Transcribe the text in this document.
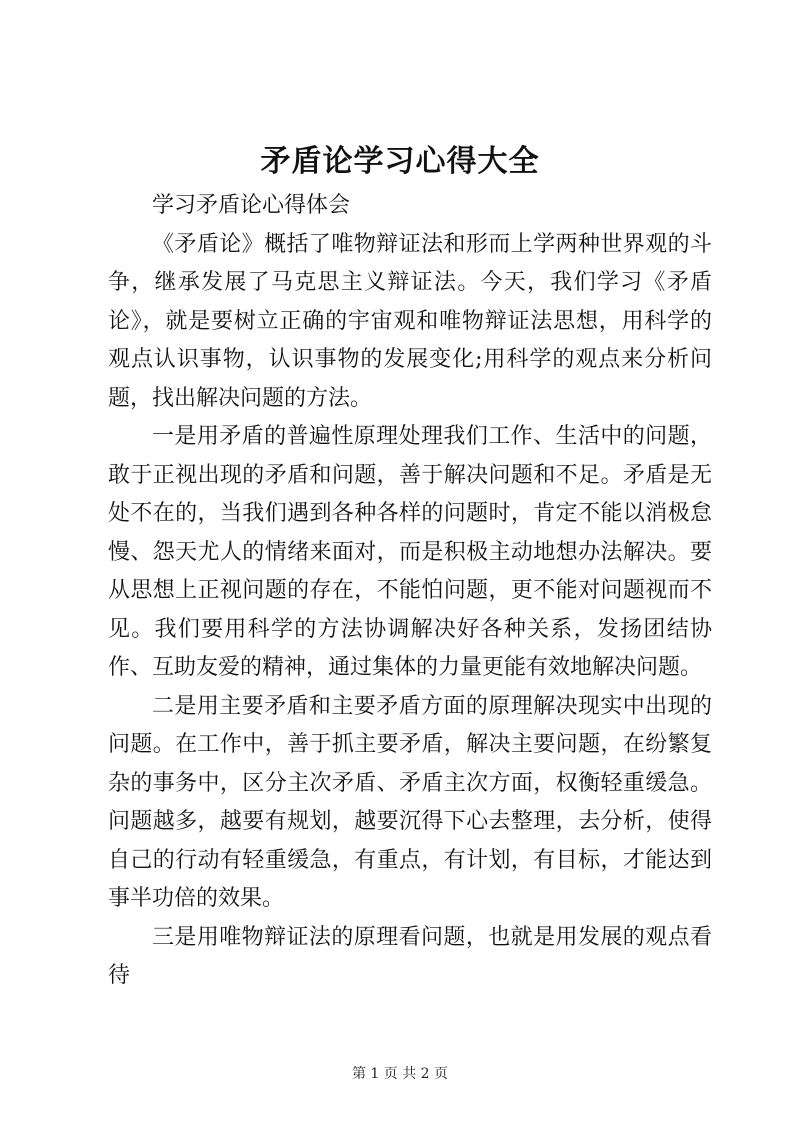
矛盾论学习心得大全

学习矛盾论心得体会

《矛盾论》概括了唯物辩证法和形而上学两种世界观的斗争，继承发展了马克思主义辩证法。今天，我们学习《矛盾论》，就是要树立正确的宇宙观和唯物辩证法思想，用科学的观点认识事物，认识事物的发展变化;用科学的观点来分析问题，找出解决问题的方法。

一是用矛盾的普遍性原理处理我们工作、生活中的问题，敢于正视出现的矛盾和问题，善于解决问题和不足。矛盾是无处不在的，当我们遇到各种各样的问题时，肯定不能以消极怠慢、怨天尤人的情绪来面对，而是积极主动地想办法解决。要从思想上正视问题的存在，不能怕问题，更不能对问题视而不见。我们要用科学的方法协调解决好各种关系，发扬团结协作、互助友爱的精神，通过集体的力量更能有效地解决问题。

二是用主要矛盾和主要矛盾方面的原理解决现实中出现的问题。在工作中，善于抓主要矛盾，解决主要问题，在纷繁复杂的事务中，区分主次矛盾、矛盾主次方面，权衡轻重缓急。问题越多，越要有规划，越要沉得下心去整理，去分析，使得自己的行动有轻重缓急，有重点，有计划，有目标，才能达到事半功倍的效果。

三是用唯物辩证法的原理看问题，也就是用发展的观点看待

第 1 页 共 2 页
